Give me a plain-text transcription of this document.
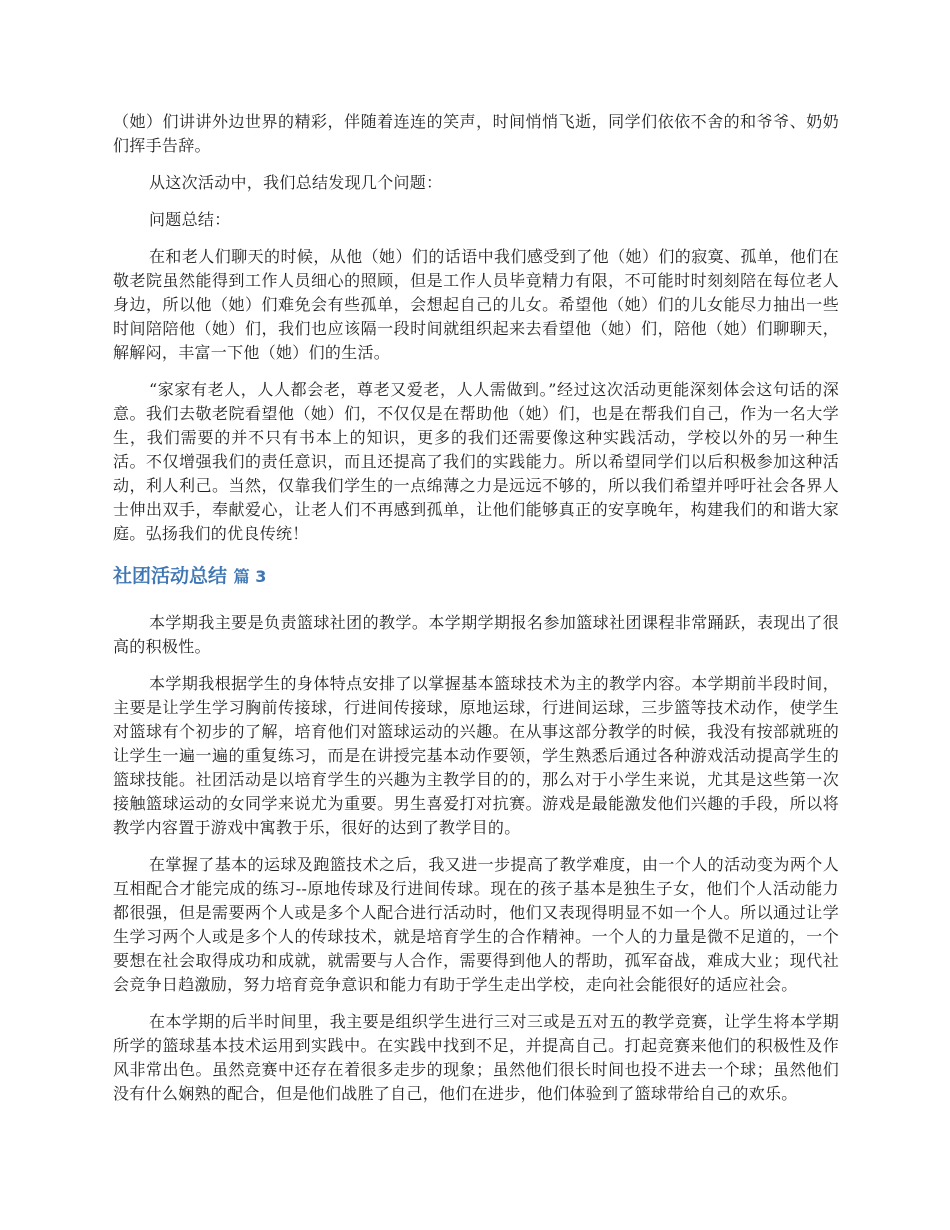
（她）们讲讲外边世界的精彩，伴随着连连的笑声，时间悄悄飞逝，同学们依依不舍的和爷爷、奶奶们挥手告辞。

从这次活动中，我们总结发现几个问题：

问题总结：

在和老人们聊天的时候，从他（她）们的话语中我们感受到了他（她）们的寂寞、孤单，他们在敬老院虽然能得到工作人员细心的照顾，但是工作人员毕竟精力有限，不可能时时刻刻陪在每位老人身边，所以他（她）们难免会有些孤单，会想起自己的儿女。希望他（她）们的儿女能尽力抽出一些时间陪陪他（她）们，我们也应该隔一段时间就组织起来去看望他（她）们，陪他（她）们聊聊天，解解闷，丰富一下他（她）们的生活。

“家家有老人，人人都会老，尊老又爱老，人人需做到。”经过这次活动更能深刻体会这句话的深意。我们去敬老院看望他（她）们，不仅仅是在帮助他（她）们，也是在帮我们自己，作为一名大学生，我们需要的并不只有书本上的知识，更多的我们还需要像这种实践活动，学校以外的另一种生活。不仅增强我们的责任意识，而且还提高了我们的实践能力。所以希望同学们以后积极参加这种活动，利人利己。当然，仅靠我们学生的一点绵薄之力是远远不够的，所以我们希望并呼吁社会各界人士伸出双手，奉献爱心，让老人们不再感到孤单，让他们能够真正的安享晚年，构建我们的和谐大家庭。弘扬我们的优良传统！

社团活动总结 篇 3

本学期我主要是负责篮球社团的教学。本学期学期报名参加篮球社团课程非常踊跃，表现出了很高的积极性。

本学期我根据学生的身体特点安排了以掌握基本篮球技术为主的教学内容。本学期前半段时间，主要是让学生学习胸前传接球，行进间传接球，原地运球，行进间运球，三步篮等技术动作，使学生对篮球有个初步的了解，培育他们对篮球运动的兴趣。在从事这部分教学的时候，我没有按部就班的让学生一遍一遍的重复练习，而是在讲授完基本动作要领，学生熟悉后通过各种游戏活动提高学生的篮球技能。社团活动是以培育学生的兴趣为主教学目的的，那么对于小学生来说，尤其是这些第一次接触篮球运动的女同学来说尤为重要。男生喜爱打对抗赛。游戏是最能激发他们兴趣的手段，所以将教学内容置于游戏中寓教于乐，很好的达到了教学目的。

在掌握了基本的运球及跑篮技术之后，我又进一步提高了教学难度，由一个人的活动变为两个人互相配合才能完成的练习--原地传球及行进间传球。现在的孩子基本是独生子女，他们个人活动能力都很强，但是需要两个人或是多个人配合进行活动时，他们又表现得明显不如一个人。所以通过让学生学习两个人或是多个人的传球技术，就是培育学生的合作精神。一个人的力量是微不足道的，一个要想在社会取得成功和成就，就需要与人合作，需要得到他人的帮助，孤军奋战，难成大业；现代社会竞争日趋激励，努力培育竞争意识和能力有助于学生走出学校，走向社会能很好的适应社会。

在本学期的后半时间里，我主要是组织学生进行三对三或是五对五的教学竞赛，让学生将本学期所学的篮球基本技术运用到实践中。在实践中找到不足，并提高自己。打起竞赛来他们的积极性及作风非常出色。虽然竞赛中还存在着很多走步的现象；虽然他们很长时间也投不进去一个球；虽然他们没有什么娴熟的配合，但是他们战胜了自己，他们在进步，他们体验到了篮球带给自己的欢乐。
